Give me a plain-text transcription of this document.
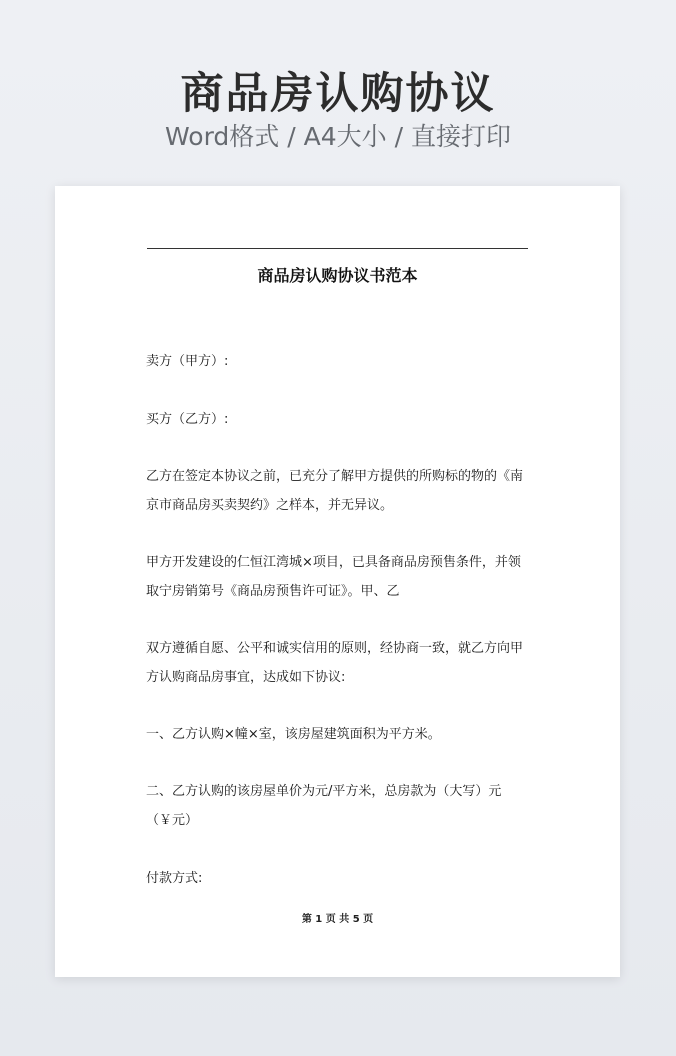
商品房认购协议
Word格式 / A4大小 / 直接打印
商品房认购协议书范本

卖方（甲方）:

买方（乙方）:

乙方在签定本协议之前，已充分了解甲方提供的所购标的物的《南京市商品房买卖契约》之样本，并无异议。

甲方开发建设的仁恒江湾城×项目，已具备商品房预售条件，并领取宁房销第号《商品房预售许可证》。甲、乙

双方遵循自愿、公平和诚实信用的原则，经协商一致，就乙方向甲方认购商品房事宜，达成如下协议:

一、乙方认购×幢×室，该房屋建筑面积为平方米。

二、乙方认购的该房屋单价为元/平方米，总房款为（大写）元（￥元）

付款方式:

第 1 页 共 5 页
